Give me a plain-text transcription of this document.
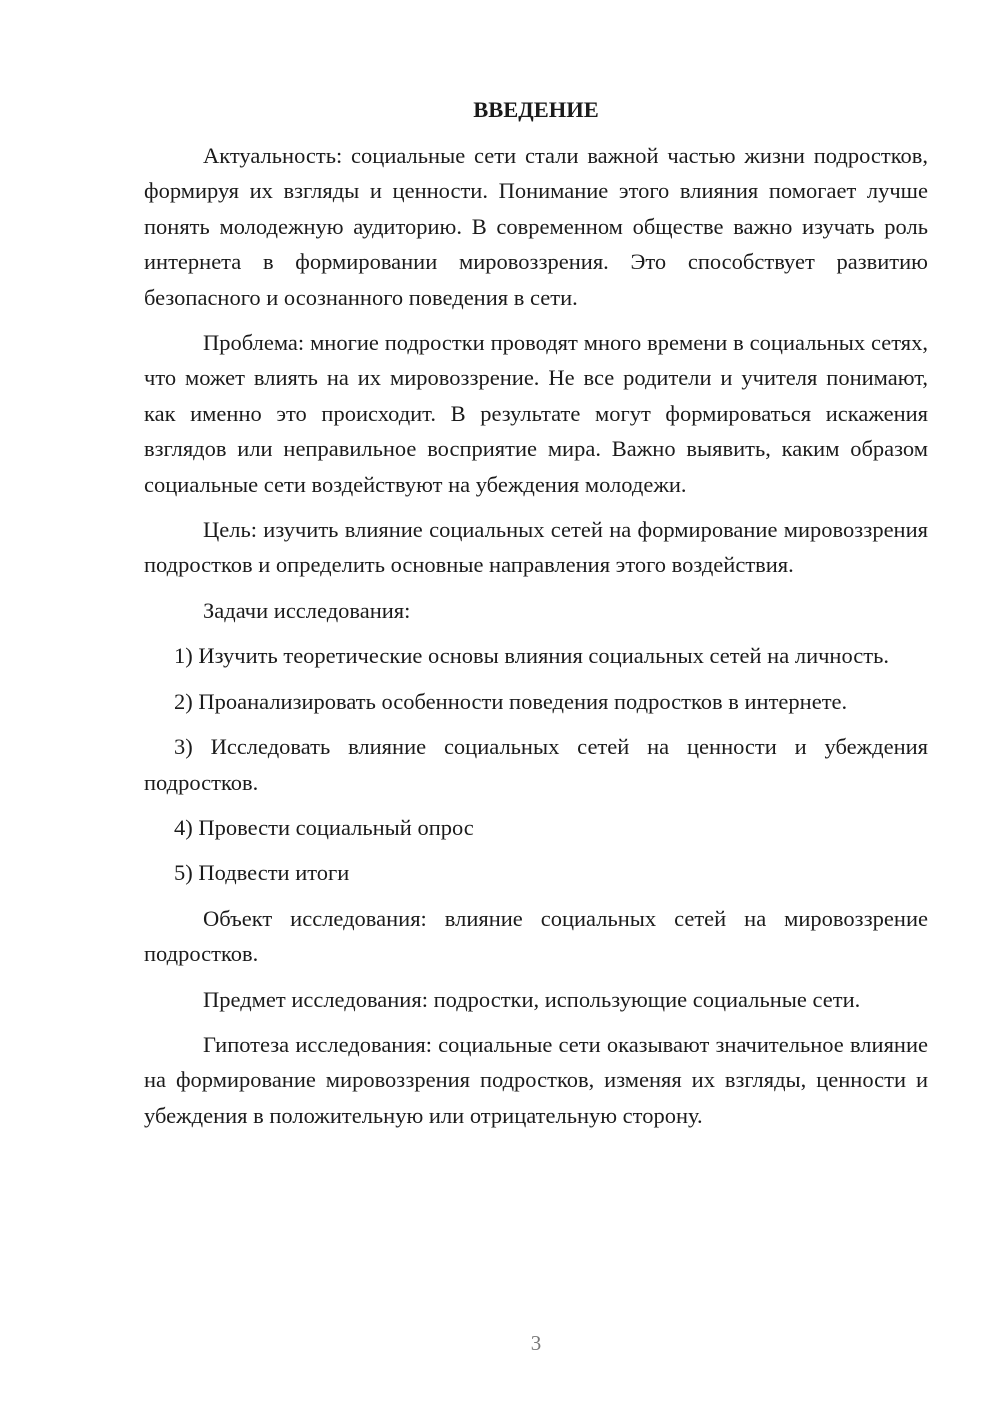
ВВЕДЕНИЕ

Актуальность: социальные сети стали важной частью жизни подростков, формируя их взгляды и ценности. Понимание этого влияния помогает лучше понять молодежную аудиторию. В современном обществе важно изучать роль интернета в формировании мировоззрения. Это способствует развитию безопасного и осознанного поведения в сети.

Проблема: многие подростки проводят много времени в социальных сетях, что может влиять на их мировоззрение. Не все родители и учителя понимают, как именно это происходит. В результате могут формироваться искажения взглядов или неправильное восприятие мира. Важно выявить, каким образом социальные сети воздействуют на убеждения молодежи.

Цель: изучить влияние социальных сетей на формирование мировоззрения подростков и определить основные направления этого воздействия.

Задачи исследования:

1) Изучить теоретические основы влияния социальных сетей на личность.

2) Проанализировать особенности поведения подростков в интернете.

3) Исследовать влияние социальных сетей на ценности и убеждения подростков.

4) Провести социальный опрос

5) Подвести итоги

Объект исследования: влияние социальных сетей на мировоззрение подростков.

Предмет исследования: подростки, использующие социальные сети.

Гипотеза исследования: социальные сети оказывают значительное влияние на формирование мировоззрения подростков, изменяя их взгляды, ценности и убеждения в положительную или отрицательную сторону.

3
